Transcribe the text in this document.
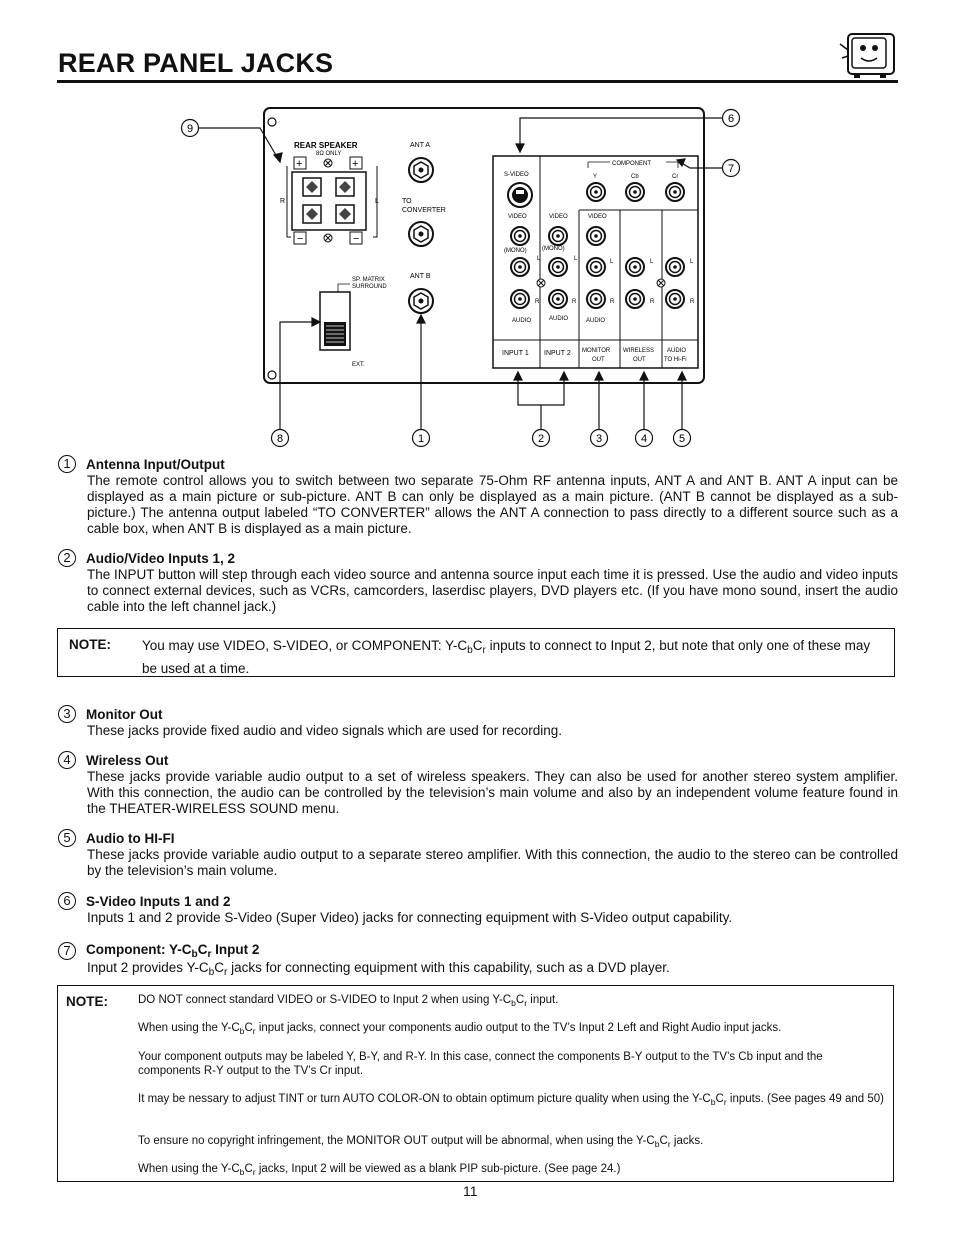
REAR PANEL JACKS
REAR SPEAKER
8Ω ONLY
+	+
−	−
R	L
ANT A
TO
CONVERTER
ANT B
SP. MATRIX
SURROUND
EXT.
COMPONENT
Y	Cb	Cr
S-VIDEO
VIDEO	VIDEO	VIDEO
(MONO)	(MONO)
L	L	L	L	L
R	R	R	R	R
AUDIO	AUDIO	AUDIO
INPUT 1 INPUT 2 MONITOR
OUT
WIRELESS
OUT
AUDIO
TO Hi-Fi
9
6
7
8	1	2	3	4	5
1	Antenna Input/Output
The remote control allows you to switch between two separate 75-Ohm RF antenna inputs, ANT A and ANT B. ANT A input can be displayed as a main picture or sub-picture. ANT B can only be displayed as a main picture. (ANT B cannot be displayed as a sub-picture.) The antenna output labeled “TO CONVERTER” allows the ANT A connection to pass directly to a different source such as a cable box, when ANT B is displayed as a main picture.
2	Audio/Video Inputs 1, 2
The INPUT button will step through each video source and antenna source input each time it is pressed. Use the audio and video inputs to connect external devices, such as VCRs, camcorders, laserdisc players, DVD players etc. (If you have mono sound, insert the audio cable into the left channel jack.)
NOTE: You may use VIDEO, S-VIDEO, or COMPONENT: $Y-C_bC_r$ inputs to connect to Input 2, but note that only one of these may be used at a time.
3	Monitor Out
These jacks provide fixed audio and video signals which are used for recording.
4	Wireless Out
These jacks provide variable audio output to a set of wireless speakers. They can also be used for another stereo system amplifier. With this connection, the audio can be controlled by the television’s main volume and also by an independent volume feature found in the THEATER-WIRELESS SOUND menu.
5	Audio to HI-FI
These jacks provide variable audio output to a separate stereo amplifier. With this connection, the audio to the stereo can be controlled by the television’s main volume.
6	S-Video Inputs 1 and 2
Inputs 1 and 2 provide S-Video (Super Video) jacks for connecting equipment with S-Video output capability.
7	Component: $Y-C_bC_r$ Input 2
Input 2 provides $Y-C_bC_r$ jacks for connecting equipment with this capability, such as a DVD player.
NOTE:	DO NOT connect standard VIDEO or S-VIDEO to Input 2 when using $Y-C_bC_r$ input.
When using the $Y-C_bC_r$ input jacks, connect your components audio output to the TV’s Input 2 Left and Right Audio input jacks.
Your component outputs may be labeled Y, B-Y, and R-Y. In this case, connect the components B-Y output to the TV’s Cb input and the components R-Y output to the TV’s Cr input.
It may be nessary to adjust TINT or turn AUTO COLOR-ON to obtain optimum picture quality when using the $Y-C_bC_r$ inputs. (See pages 49 and 50)
To ensure no copyright infringement, the MONITOR OUT output will be abnormal, when using the $Y-C_bC_r$ jacks.
When using the $Y-C_bC_r$ jacks, Input 2 will be viewed as a blank PIP sub-picture. (See page 24.)
11
